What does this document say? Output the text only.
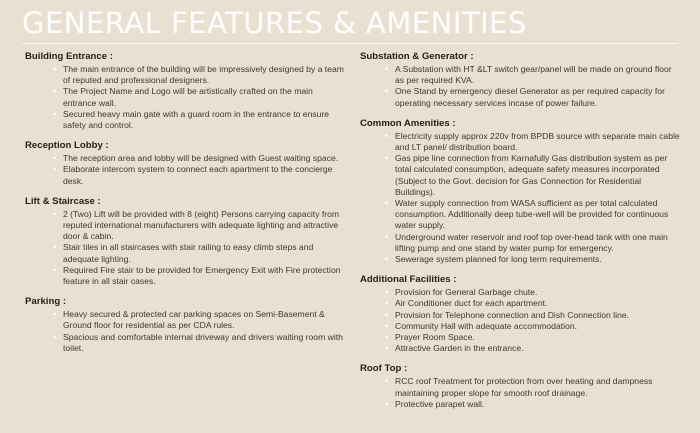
GENERAL FEATURES & AMENITIES
Building Entrance :
• The main entrance of the building will be impressively designed by a team of reputed and professional designers.
• The Project Name and Logo will be artistically crafted on the main entrance wall.
• Secured heavy main gate with a guard room in the entrance to ensure safety and control.
Reception Lobby :
• The reception area and lobby will be designed with Guest waiting space.
• Elaborate intercom system to connect each apartment to the concierge desk.
Lift & Staircase :
• 2 (Two) Lift will be provided with 8 (eight) Persons carrying capacity from reputed international manufacturers with adequate lighting and attractive door & cabin.
• Stair tiles in all staircases with stair railing to easy climb steps and adequate lighting.
• Required Fire stair to be provided for Emergency Exit with Fire protection feature in all stair cases.
Parking :
• Heavy secured & protected car parking spaces on Semi-Basement & Ground floor for residential as per CDA rules.
• Spacious and comfortable internal driveway and drivers waiting room with toilet.
Substation & Generator :
• A Substation with HT &LT switch gear/panel will be made on ground floor as per required KVA.
• One Stand by emergency diesel Generator as per required capacity for operating necessary services incase of power failure.
Common Amenities :
• Electricity supply approx 220v from BPDB source with separate main cable and LT panel/ distribution board.
• Gas pipe line connection from Karnafully Gas distribution system as per total calculated consumption, adequate safety measures incorporated (Subject to the Govt. decision for Gas Connection for Residential Buildings).
• Water supply connection from WASA sufficient as per total calculated consumption. Additionally deep tube-well will be provided for continuous water supply.
• Underground water reservoir and roof top over-head tank with one main lifting pump and one stand by water pump for emergency.
• Sewerage system planned for long term requirements.
Additional Facilities :
• Provision for General Garbage chute.
• Air Conditioner duct for each apartment.
• Provision for Telephone connection and Dish Connection line.
• Community Hall with adequate accommodation.
• Prayer Room Space.
• Attractive Garden in the entrance.
Roof Top :
• RCC roof Treatment for protection from over heating and dampness maintaining proper slope for smooth roof drainage.
• Protective parapet wall.
